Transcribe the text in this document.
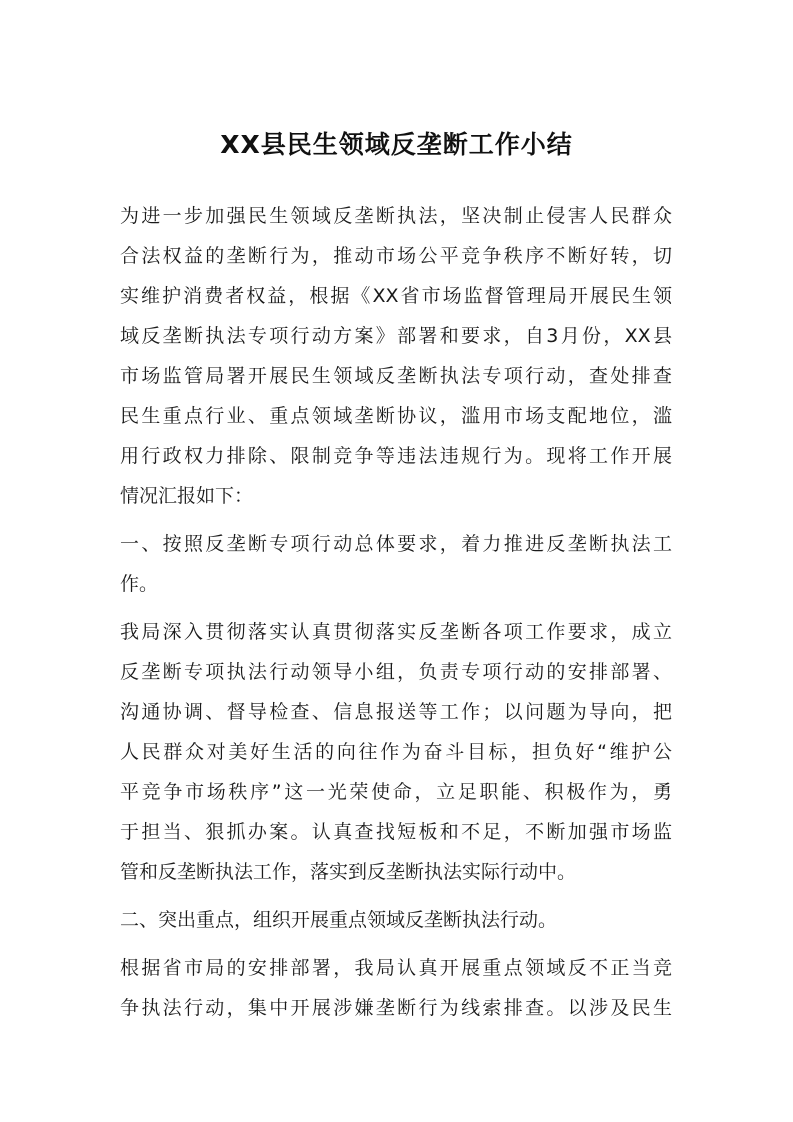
XX县民生领域反垄断工作小结
为进一步加强民生领域反垄断执法，坚决制止侵害人民群众
合法权益的垄断行为，推动市场公平竞争秩序不断好转，切
实维护消费者权益，根据《XX省市场监督管理局开展民生领
域反垄断执法专项行动方案》部署和要求，自3月份，XX县
市场监管局署开展民生领域反垄断执法专项行动，查处排查
民生重点行业、重点领域垄断协议，滥用市场支配地位，滥
用行政权力排除、限制竞争等违法违规行为。现将工作开展
情况汇报如下：
一、按照反垄断专项行动总体要求，着力推进反垄断执法工
作。
我局深入贯彻落实认真贯彻落实反垄断各项工作要求，成立
反垄断专项执法行动领导小组，负责专项行动的安排部署、
沟通协调、督导检查、信息报送等工作；以问题为导向，把
人民群众对美好生活的向往作为奋斗目标，担负好“维护公
平竞争市场秩序”这一光荣使命，立足职能、积极作为，勇
于担当、狠抓办案。认真查找短板和不足，不断加强市场监
管和反垄断执法工作，落实到反垄断执法实际行动中。
二、突出重点，组织开展重点领域反垄断执法行动。
根据省市局的安排部署，我局认真开展重点领域反不正当竞
争执法行动，集中开展涉嫌垄断行为线索排查。以涉及民生
